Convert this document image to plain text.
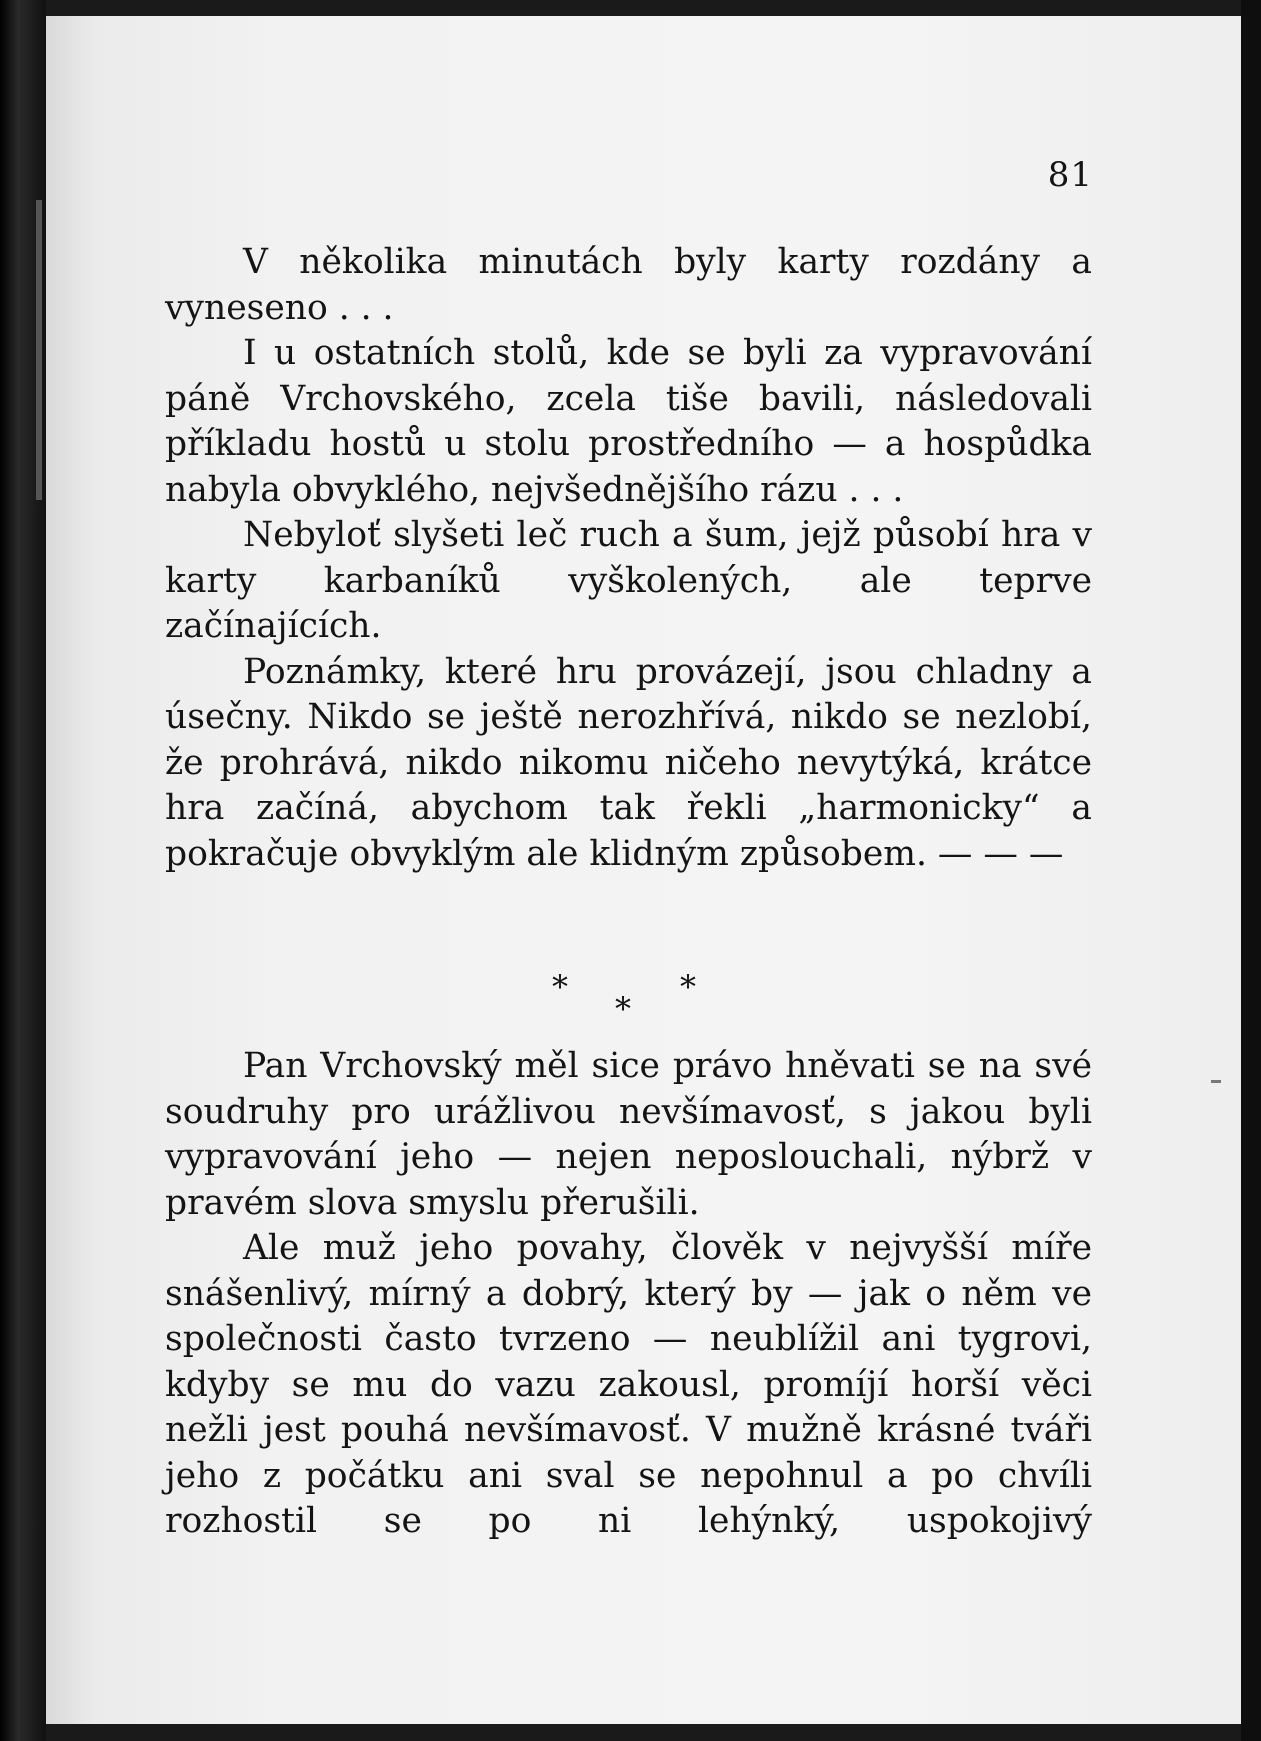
81

V několika minutách byly karty rozdány a vyneseno . . .

I u ostatních stolů, kde se byli za vypravování páně Vrchovského, zcela tiše bavili, následovali příkladu hostů u stolu prostředního — a hospůdka nabyla obvyklého, nejvšednějšího rázu . . .

Nebyloť slyšeti leč ruch a šum, jejž působí hra v karty karbaníků vyškolených, ale teprve začínajících.

Poznámky, které hru provázejí, jsou chladny a úsečny. Nikdo se ještě nerozhřívá, nikdo se nezlobí, že prohrává, nikdo nikomu ničeho nevytýká, krátce hra začíná, abychom tak řekli „harmonicky“ a pokračuje obvyklým ale klidným způsobem. — — —

*	*
*

Pan Vrchovský měl sice právo hněvati se na své soudruhy pro urážlivou nevšímavosť, s jakou byli vypravování jeho — nejen neposlouchali, nýbrž v pravém slova smyslu přerušili.

Ale muž jeho povahy, člověk v nejvyšší míře snášenlivý, mírný a dobrý, který by — jak o něm ve společnosti často tvrzeno — neublížil ani tygrovi, kdyby se mu do vazu zakousl, promíjí horší věci nežli jest pouhá nevšímavosť. V mužně krásné tváři jeho z počátku ani sval se nepohnul a po chvíli rozhostil se po ni lehýnký, uspokojivý
